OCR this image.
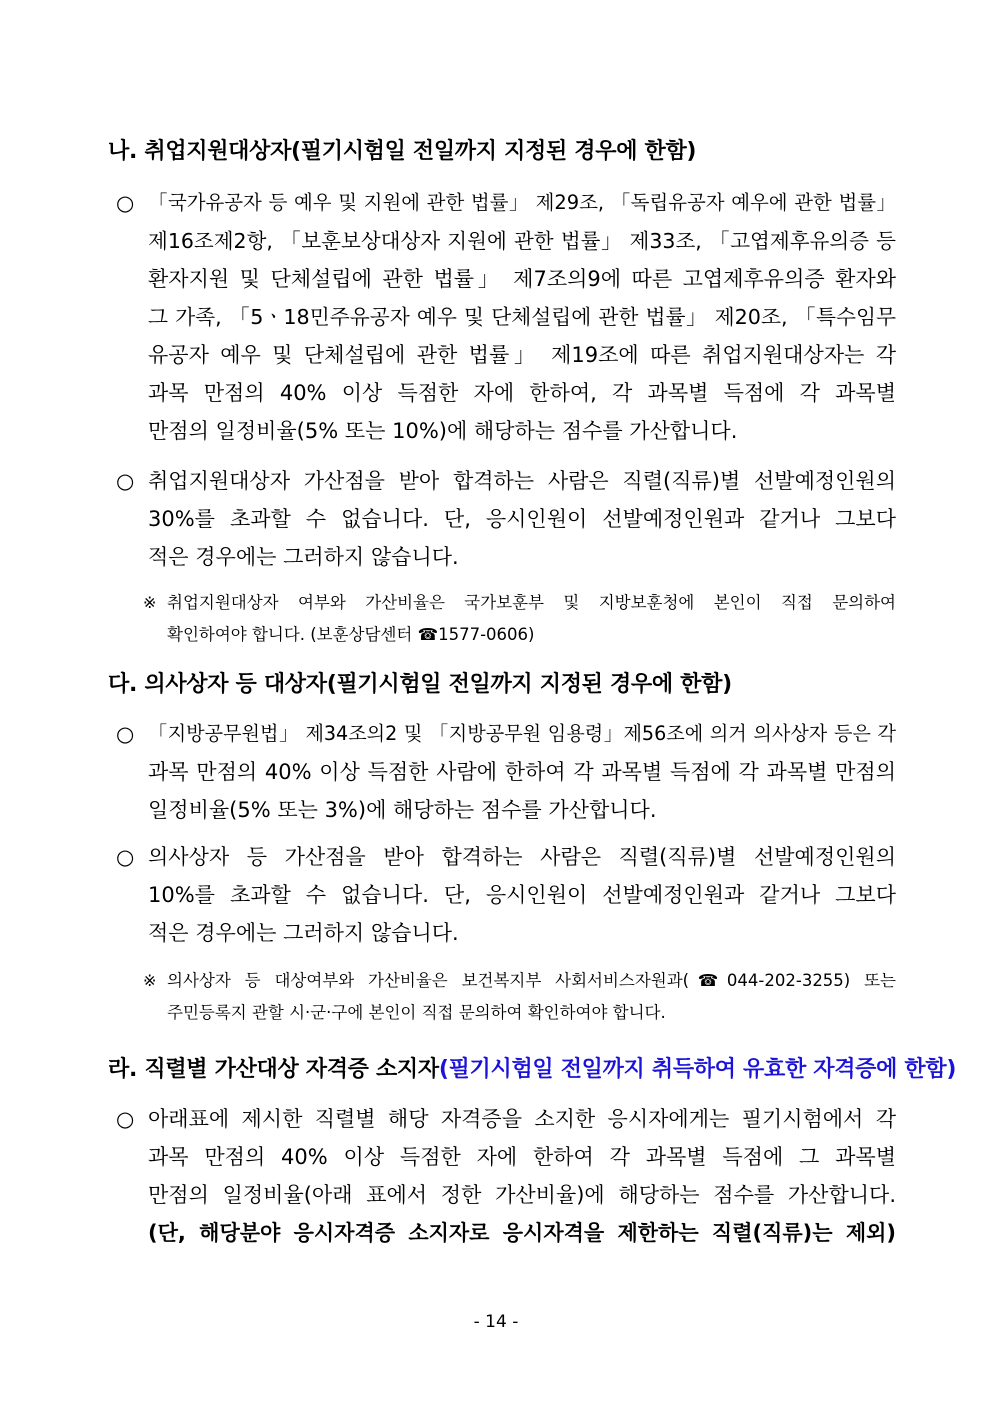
나. 취업지원대상자(필기시험일 전일까지 지정된 경우에 한함)
○ 「국가유공자 등 예우 및 지원에 관한 법률」 제29조, 「독립유공자 예우에 관한 법률」
제16조제2항, 「보훈보상대상자 지원에 관한 법률」 제33조, 「고엽제후유의증 등
환자지원 및 단체설립에 관한 법률」 제7조의9에 따른 고엽제후유의증 환자와
그 가족, 「5ㆍ18민주유공자 예우 및 단체설립에 관한 법률」 제20조, 「특수임무
유공자 예우 및 단체설립에 관한 법률」 제19조에 따른 취업지원대상자는 각
과목 만점의 40% 이상 득점한 자에 한하여, 각 과목별 득점에 각 과목별
만점의 일정비율(5% 또는 10%)에 해당하는 점수를 가산합니다.
○ 취업지원대상자 가산점을 받아 합격하는 사람은 직렬(직류)별 선발예정인원의
30%를 초과할 수 없습니다. 단, 응시인원이 선발예정인원과 같거나 그보다
적은 경우에는 그러하지 않습니다.
※ 취업지원대상자 여부와 가산비율은 국가보훈부 및 지방보훈청에 본인이 직접 문의하여
확인하여야 합니다. (보훈상담센터 ☎1577-0606)
다. 의사상자 등 대상자(필기시험일 전일까지 지정된 경우에 한함)
○ 「지방공무원법」 제34조의2 및 「지방공무원 임용령」제56조에 의거 의사상자 등은 각
과목 만점의 40% 이상 득점한 사람에 한하여 각 과목별 득점에 각 과목별 만점의
일정비율(5% 또는 3%)에 해당하는 점수를 가산합니다.
○ 의사상자 등 가산점을 받아 합격하는 사람은 직렬(직류)별 선발예정인원의
10%를 초과할 수 없습니다. 단, 응시인원이 선발예정인원과 같거나 그보다
적은 경우에는 그러하지 않습니다.
※ 의사상자 등 대상여부와 가산비율은 보건복지부 사회서비스자원과(☎044-202-3255) 또는
주민등록지 관할 시·군·구에 본인이 직접 문의하여 확인하여야 합니다.
라. 직렬별 가산대상 자격증 소지자(필기시험일 전일까지 취득하여 유효한 자격증에 한함)
○ 아래표에 제시한 직렬별 해당 자격증을 소지한 응시자에게는 필기시험에서 각
과목 만점의 40% 이상 득점한 자에 한하여 각 과목별 득점에 그 과목별
만점의 일정비율(아래 표에서 정한 가산비율)에 해당하는 점수를 가산합니다.
(단, 해당분야 응시자격증 소지자로 응시자격을 제한하는 직렬(직류)는 제외)
- 14 -
